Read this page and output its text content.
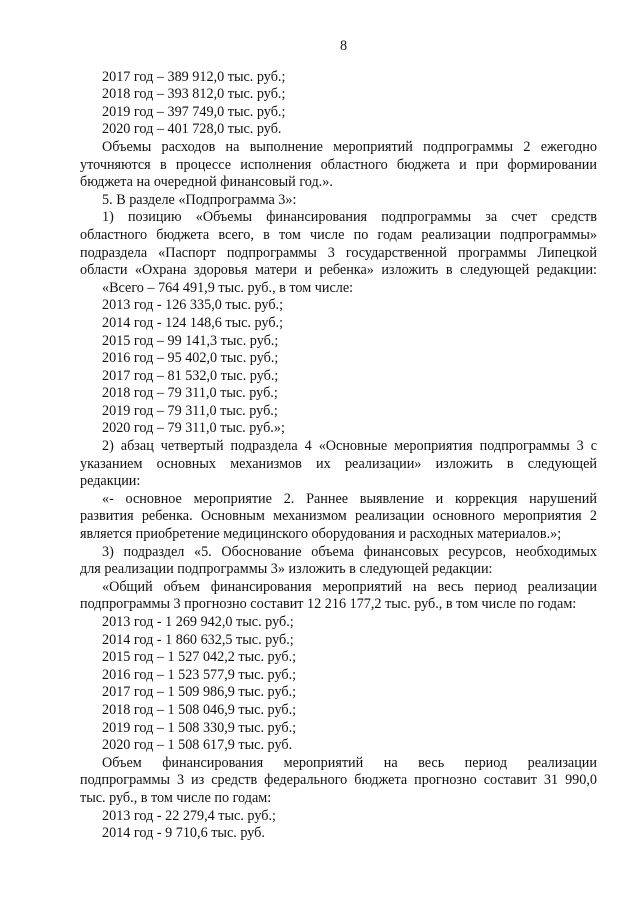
8
2017 год – 389 912,0 тыс. руб.;
2018 год – 393 812,0 тыс. руб.;
2019 год – 397 749,0 тыс. руб.;
2020 год – 401 728,0 тыс. руб.
Объемы расходов на выполнение мероприятий подпрограммы 2 ежегодно
уточняются в процессе исполнения областного бюджета и при формировании
бюджета на очередной финансовый год.».
5. В разделе «Подпрограмма 3»:
1) позицию «Объемы финансирования подпрограммы за счет средств
областного бюджета всего, в том числе по годам реализации подпрограммы»
подраздела «Паспорт подпрограммы 3 государственной программы Липецкой
области «Охрана здоровья матери и ребенка» изложить в следующей редакции:
«Всего – 764 491,9 тыс. руб., в том числе:
2013 год - 126 335,0 тыс. руб.;
2014 год - 124 148,6 тыс. руб.;
2015 год – 99 141,3 тыс. руб.;
2016 год – 95 402,0 тыс. руб.;
2017 год – 81 532,0 тыс. руб.;
2018 год – 79 311,0 тыс. руб.;
2019 год – 79 311,0 тыс. руб.;
2020 год – 79 311,0 тыс. руб.»;
2) абзац четвертый подраздела 4 «Основные мероприятия подпрограммы 3 с
указанием основных механизмов их реализации» изложить в следующей
редакции:
«- основное мероприятие 2. Раннее выявление и коррекция нарушений
развития ребенка. Основным механизмом реализации основного мероприятия 2
является приобретение медицинского оборудования и расходных материалов.»;
3) подраздел «5. Обоснование объема финансовых ресурсов, необходимых
для реализации подпрограммы 3» изложить в следующей редакции:
«Общий объем финансирования мероприятий на весь период реализации
подпрограммы 3 прогнозно составит 12 216 177,2 тыс. руб., в том числе по годам:
2013 год - 1 269 942,0 тыс. руб.;
2014 год - 1 860 632,5 тыс. руб.;
2015 год – 1 527 042,2 тыс. руб.;
2016 год – 1 523 577,9 тыс. руб.;
2017 год – 1 509 986,9 тыс. руб.;
2018 год – 1 508 046,9 тыс. руб.;
2019 год – 1 508 330,9 тыс. руб.;
2020 год – 1 508 617,9 тыс. руб.
Объем финансирования мероприятий на весь период реализации
подпрограммы 3 из средств федерального бюджета прогнозно составит 31 990,0
тыс. руб., в том числе по годам:
2013 год - 22 279,4 тыс. руб.;
2014 год - 9 710,6 тыс. руб.
